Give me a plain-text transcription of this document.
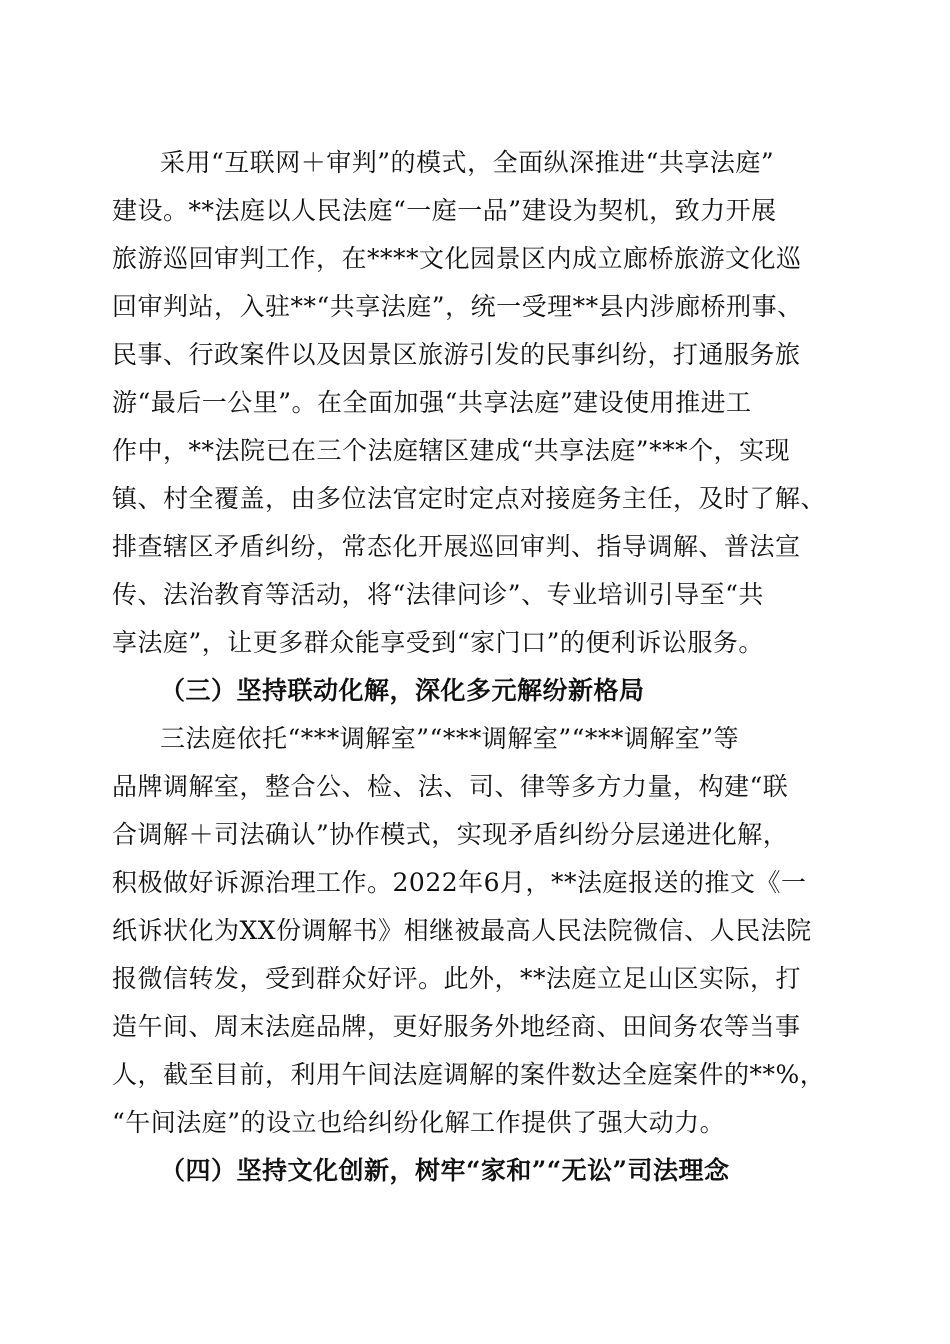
采用“互联网＋审判”的模式，全面纵深推进“共享法庭”
建设。**法庭以人民法庭“一庭一品”建设为契机，致力开展
旅游巡回审判工作，在****文化园景区内成立廊桥旅游文化巡
回审判站，入驻**“共享法庭”，统一受理**县内涉廊桥刑事、
民事、行政案件以及因景区旅游引发的民事纠纷，打通服务旅
游“最后一公里”。在全面加强“共享法庭”建设使用推进工
作中，**法院已在三个法庭辖区建成“共享法庭”***个，实现
镇、村全覆盖，由多位法官定时定点对接庭务主任，及时了解、
排查辖区矛盾纠纷，常态化开展巡回审判、指导调解、普法宣
传、法治教育等活动，将“法律问诊”、专业培训引导至“共
享法庭”，让更多群众能享受到“家门口”的便利诉讼服务。
（三）坚持联动化解，深化多元解纷新格局
三法庭依托“***调解室”“***调解室”“***调解室”等
品牌调解室，整合公、检、法、司、律等多方力量，构建“联
合调解＋司法确认”协作模式，实现矛盾纠纷分层递进化解，
积极做好诉源治理工作。2022年6月，**法庭报送的推文《一
纸诉状化为XX份调解书》相继被最高人民法院微信、人民法院
报微信转发，受到群众好评。此外，**法庭立足山区实际，打
造午间、周末法庭品牌，更好服务外地经商、田间务农等当事
人，截至目前，利用午间法庭调解的案件数达全庭案件的**%，
“午间法庭”的设立也给纠纷化解工作提供了强大动力。
（四）坚持文化创新，树牢“家和”“无讼”司法理念
